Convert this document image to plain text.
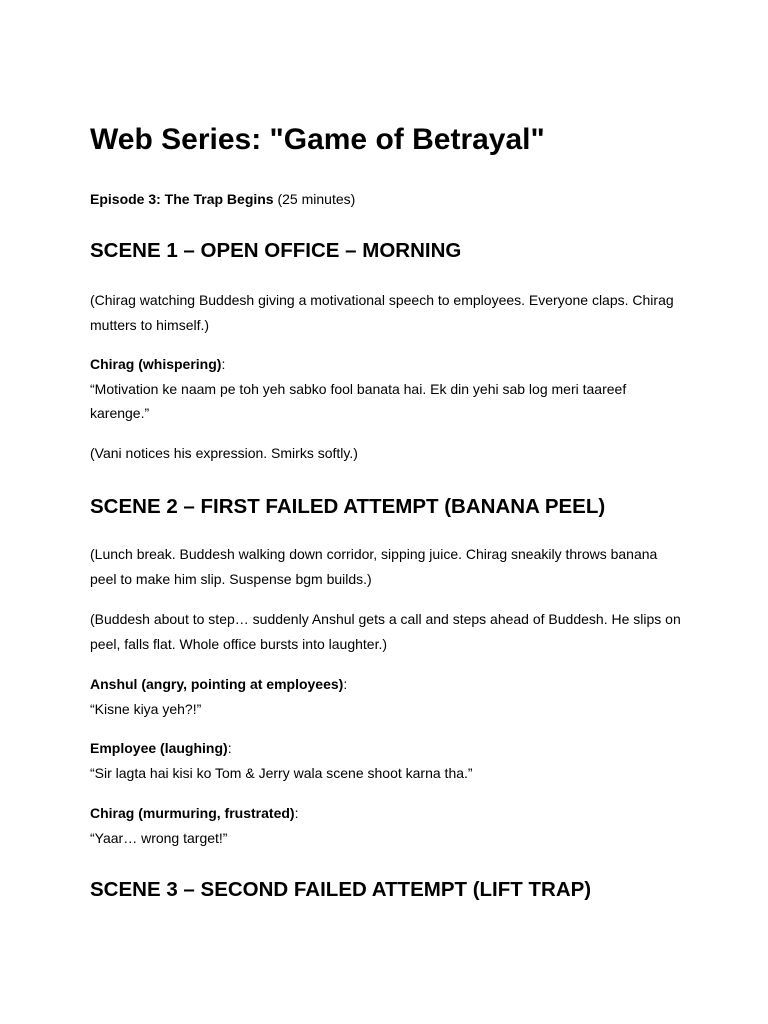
Web Series: "Game of Betrayal"

Episode 3: The Trap Begins (25 minutes)

SCENE 1 – OPEN OFFICE – MORNING

(Chirag watching Buddesh giving a motivational speech to employees. Everyone claps. Chirag mutters to himself.)

Chirag (whispering):
“Motivation ke naam pe toh yeh sabko fool banata hai. Ek din yehi sab log meri taareef karenge.”

(Vani notices his expression. Smirks softly.)

SCENE 2 – FIRST FAILED ATTEMPT (BANANA PEEL)

(Lunch break. Buddesh walking down corridor, sipping juice. Chirag sneakily throws banana peel to make him slip. Suspense bgm builds.)

(Buddesh about to step… suddenly Anshul gets a call and steps ahead of Buddesh. He slips on peel, falls flat. Whole office bursts into laughter.)

Anshul (angry, pointing at employees):
“Kisne kiya yeh?!”

Employee (laughing):
“Sir lagta hai kisi ko Tom & Jerry wala scene shoot karna tha.”

Chirag (murmuring, frustrated):
“Yaar… wrong target!”

SCENE 3 – SECOND FAILED ATTEMPT (LIFT TRAP)
